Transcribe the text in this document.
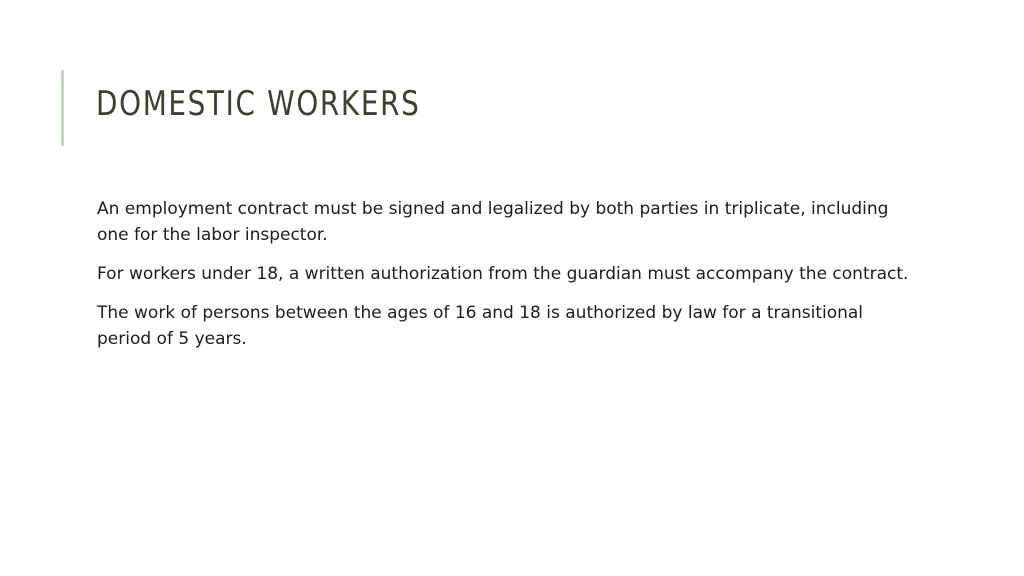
DOMESTIC WORKERS

An employment contract must be signed and legalized by both parties in triplicate, including one for the labor inspector.

For workers under 18, a written authorization from the guardian must accompany the contract.

The work of persons between the ages of 16 and 18 is authorized by law for a transitional period of 5 years.
